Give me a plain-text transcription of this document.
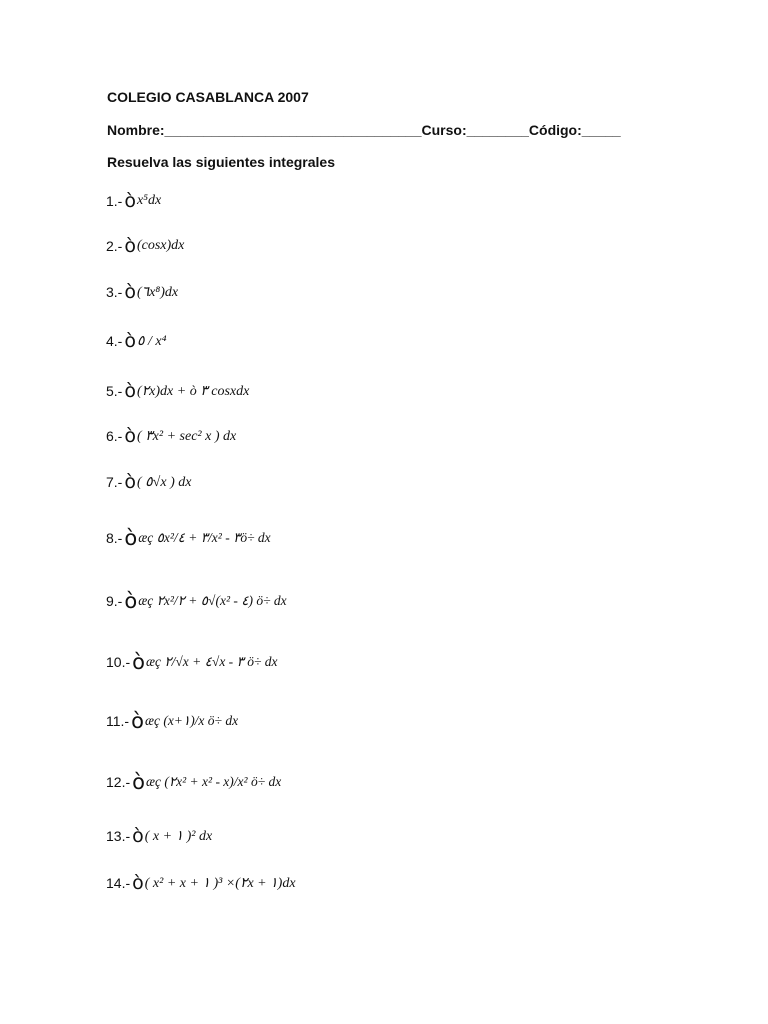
COLEGIO CASABLANCA 2007
Nombre:_________________________________Curso:________Código:_____
Resuelva las siguientes integrales
1.- ò x⁵dx
2.- ò (cosx)dx
3.- ò (٦x⁸)dx
4.- ò ٥ / x⁴
5.- ò (٢x)dx + ò ٣ cosxdx
6.- ò ( ٣x² + sec² x ) dx
7.- ò ( ٥√x ) dx
8.- ò æç ٥x²/٣ + ٤/x² - ٣ö÷ dx
9.- ò æç ٢x²/٥ + ٢√(x² - ٤) ö÷ dx
10.- ò æç ٢/√x + ٤√x - ٣ ö÷ dx
11.- ò æç (x+١)/x ö÷ dx
12.- ò æç (٢x² + x² - x)/x² ö÷ dx
13.- ò ( x + ١ )² dx
14.- ò ( x² + x + ١ )³ ×(٢x + ١)dx
